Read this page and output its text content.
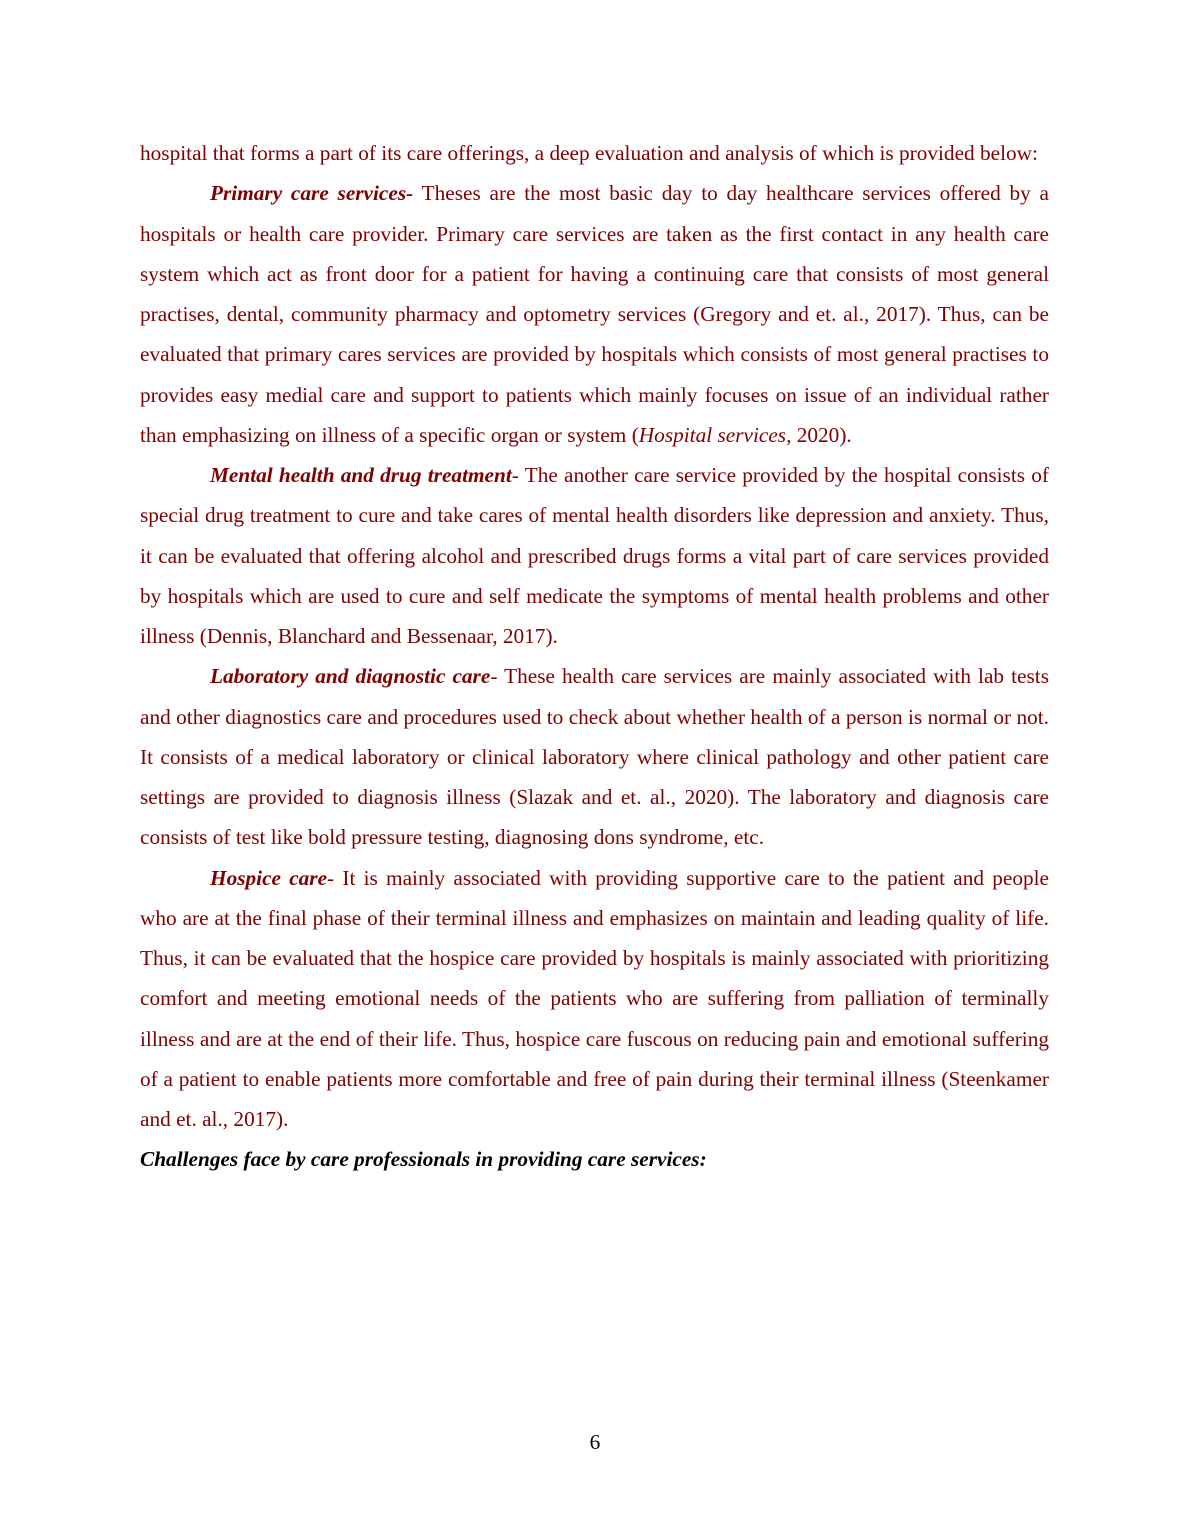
hospital that forms a part of its care offerings, a deep evaluation and analysis of which is provided below:

Primary care services- Theses are the most basic day to day healthcare services offered by a hospitals or health care provider. Primary care services are taken as the first contact in any health care system which act as front door for a patient for having a continuing care that consists of most general practises, dental, community pharmacy and optometry services (Gregory and et. al., 2017). Thus, can be evaluated that primary cares services are provided by hospitals which consists of most general practises to provides easy medial care and support to patients which mainly focuses on issue of an individual rather than emphasizing on illness of a specific organ or system (Hospital services, 2020).

Mental health and drug treatment- The another care service provided by the hospital consists of special drug treatment to cure and take cares of mental health disorders like depression and anxiety. Thus, it can be evaluated that offering alcohol and prescribed drugs forms a vital part of care services provided by hospitals which are used to cure and self medicate the symptoms of mental health problems and other illness (Dennis, Blanchard and Bessenaar, 2017).

Laboratory and diagnostic care- These health care services are mainly associated with lab tests and other diagnostics care and procedures used to check about whether health of a person is normal or not. It consists of a medical laboratory or clinical laboratory where clinical pathology and other patient care settings are provided to diagnosis illness (Slazak and et. al., 2020). The laboratory and diagnosis care consists of test like bold pressure testing, diagnosing dons syndrome, etc.

Hospice care- It is mainly associated with providing supportive care to the patient and people who are at the final phase of their terminal illness and emphasizes on maintain and leading quality of life. Thus, it can be evaluated that the hospice care provided by hospitals is mainly associated with prioritizing comfort and meeting emotional needs of the patients who are suffering from palliation of terminally illness and are at the end of their life. Thus, hospice care fuscous on reducing pain and emotional suffering of a patient to enable patients more comfortable and free of pain during their terminal illness (Steenkamer and et. al., 2017).

Challenges face by care professionals in providing care services:

6
